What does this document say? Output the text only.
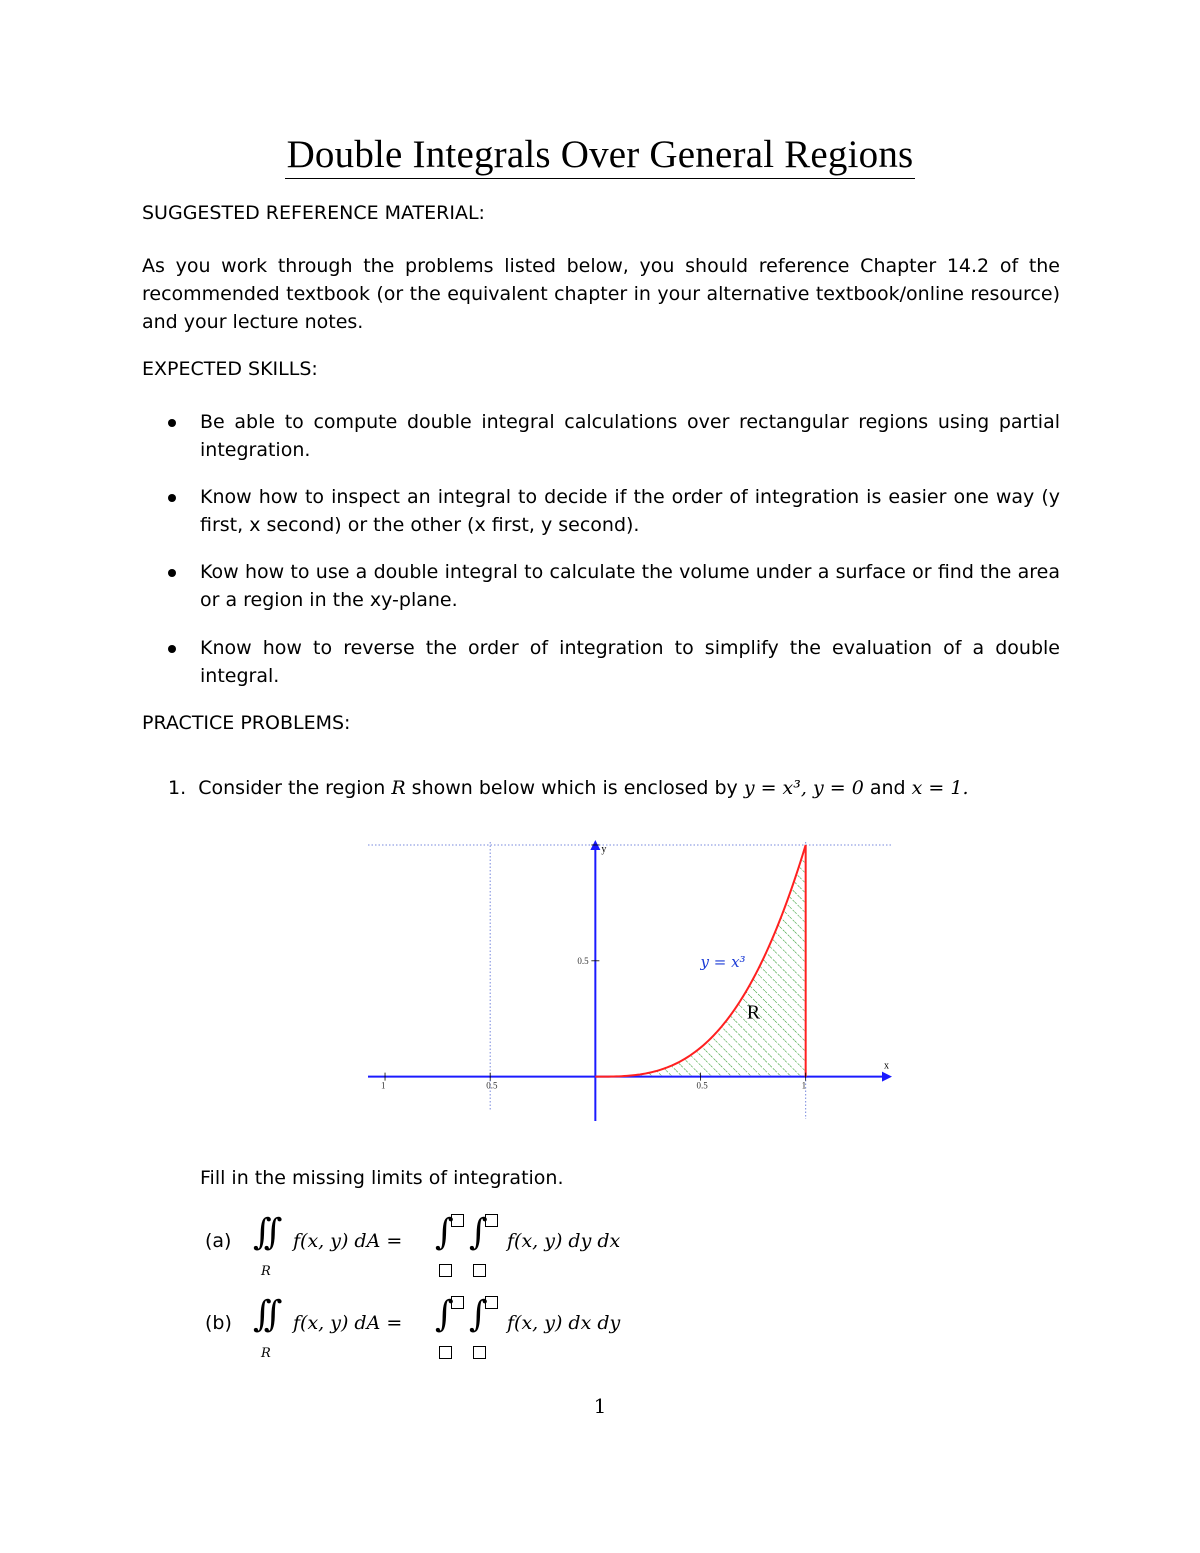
Double Integrals Over General Regions
SUGGESTED REFERENCE MATERIAL:
As you work through the problems listed below, you should reference Chapter 14.2 of the recommended textbook (or the equivalent chapter in your alternative textbook/online resource) and your lecture notes.
EXPECTED SKILLS:
Be able to compute double integral calculations over rectangular regions using partial integration.
Know how to inspect an integral to decide if the order of integration is easier one way (y first, x second) or the other (x first, y second).
Kow how to use a double integral to calculate the volume under a surface or find the area or a region in the xy-plane.
Know how to reverse the order of integration to simplify the evaluation of a double integral.
PRACTICE PROBLEMS:
1. Consider the region R shown below which is enclosed by y = x³, y = 0 and x = 1.
1	0.5	0.5	1
0.5	y = x³
R
x
y
Fill in the missing limits of integration.
(a) ∫∫
R
f(x, y) dA = ∫ ∫ f(x, y) dy dx
(b) ∫∫
R
f(x, y) dA = ∫ ∫ f(x, y) dx dy
1
